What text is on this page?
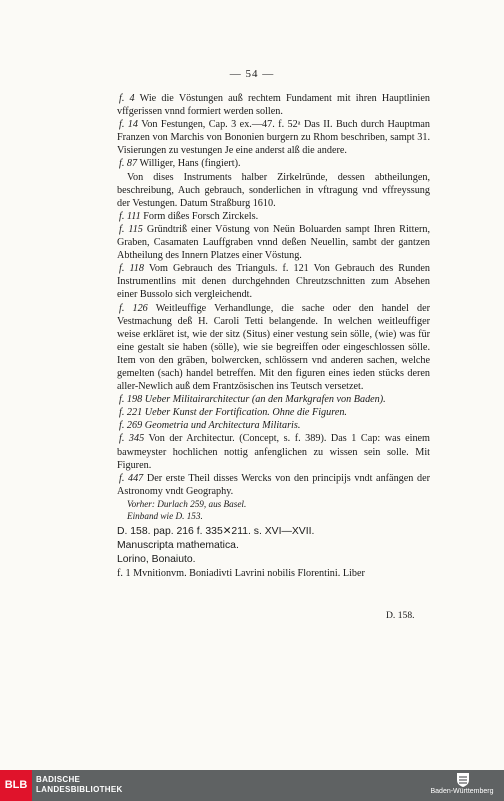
— 54 —

f. 4 Wie die Vöstungen auß rechtem Fundament mit ihren Hauptlinien vffgerissen vnnd formiert werden sollen.

f. 14 Von Festungen, Cap. 3 ex.—47. f. 52ᵃ Das II. Buch durch Hauptman Franzen von Marchis von Bononien burgern zu Rhom beschriben, sampt 31. Visierungen zu vestungen Je eine anderst alß die andere.

f. 87 Williger, Hans (fingiert).

Von dises Instruments halber Zirkelründe, dessen abtheilungen, beschreibung, Auch gebrauch, sonderlichen in vftragung vnd vffreyssung der Vestungen. Datum Straßburg 1610.

f. 111 Form dißes Forsch Zirckels.

f. 115 Gründtriß einer Vöstung von Neün Boluarden sampt Ihren Rittern, Graben, Casamaten Lauffgraben vnnd deßen Neuellin, sambt der gantzen Abtheilung des Innern Platzes einer Vöstung.

f. 118 Vom Gebrauch des Trianguls. f. 121 Von Gebrauch des Runden Instrumentlins mit denen durchgehnden Chreutzschnitten zum Absehen einer Bussolo sich vergleichendt.

f. 126 Weitleuffige Verhandlunge, die sache oder den handel der Vestmachung deß H. Caroli Tetti belangende. In welchen weitleuffiger weise erkläret ist, wie der sitz (Situs) einer vestung sein sölle, (wie) was für eine gestalt sie haben (sölle), wie sie begreiffen oder eingeschlossen sölle. Item von den gräben, bolwercken, schlössern vnd anderen sachen, welche gemelten (sach) handel betreffen. Mit den figuren eines ieden stücks deren aller-Newlich auß dem Frantzösischen ins Teutsch versetzet.

f. 198 Ueber Militairarchitectur (an den Markgrafen von Baden).

f. 221 Ueber Kunst der Fortification. Ohne die Figuren.

f. 269 Geometria und Architectura Militaris.

f. 345 Von der Architectur. (Concept, s. f. 389). Das 1 Cap: was einem bawmeyster hochlichen nottig anfenglichen zu wissen sein solle. Mit Figuren.

f. 447 Der erste Theil disses Wercks von den principijs vndt anfängen der Astronomy vndt Geography.

Vorher: Durlach 259, aus Basel.
Einband wie D. 153.
D. 158. pap. 216 f. 335✕211. s. XVI—XVII.
Manuscripta mathematica.
Lorino, Bonaiuto.
f. 1 Mvnitionvm. Boniadivti Lavrini nobilis Florentini. Liber
D. 158.
BLB	BADISCHE
LANDESBIBLIOTHEK	Baden-Württemberg
